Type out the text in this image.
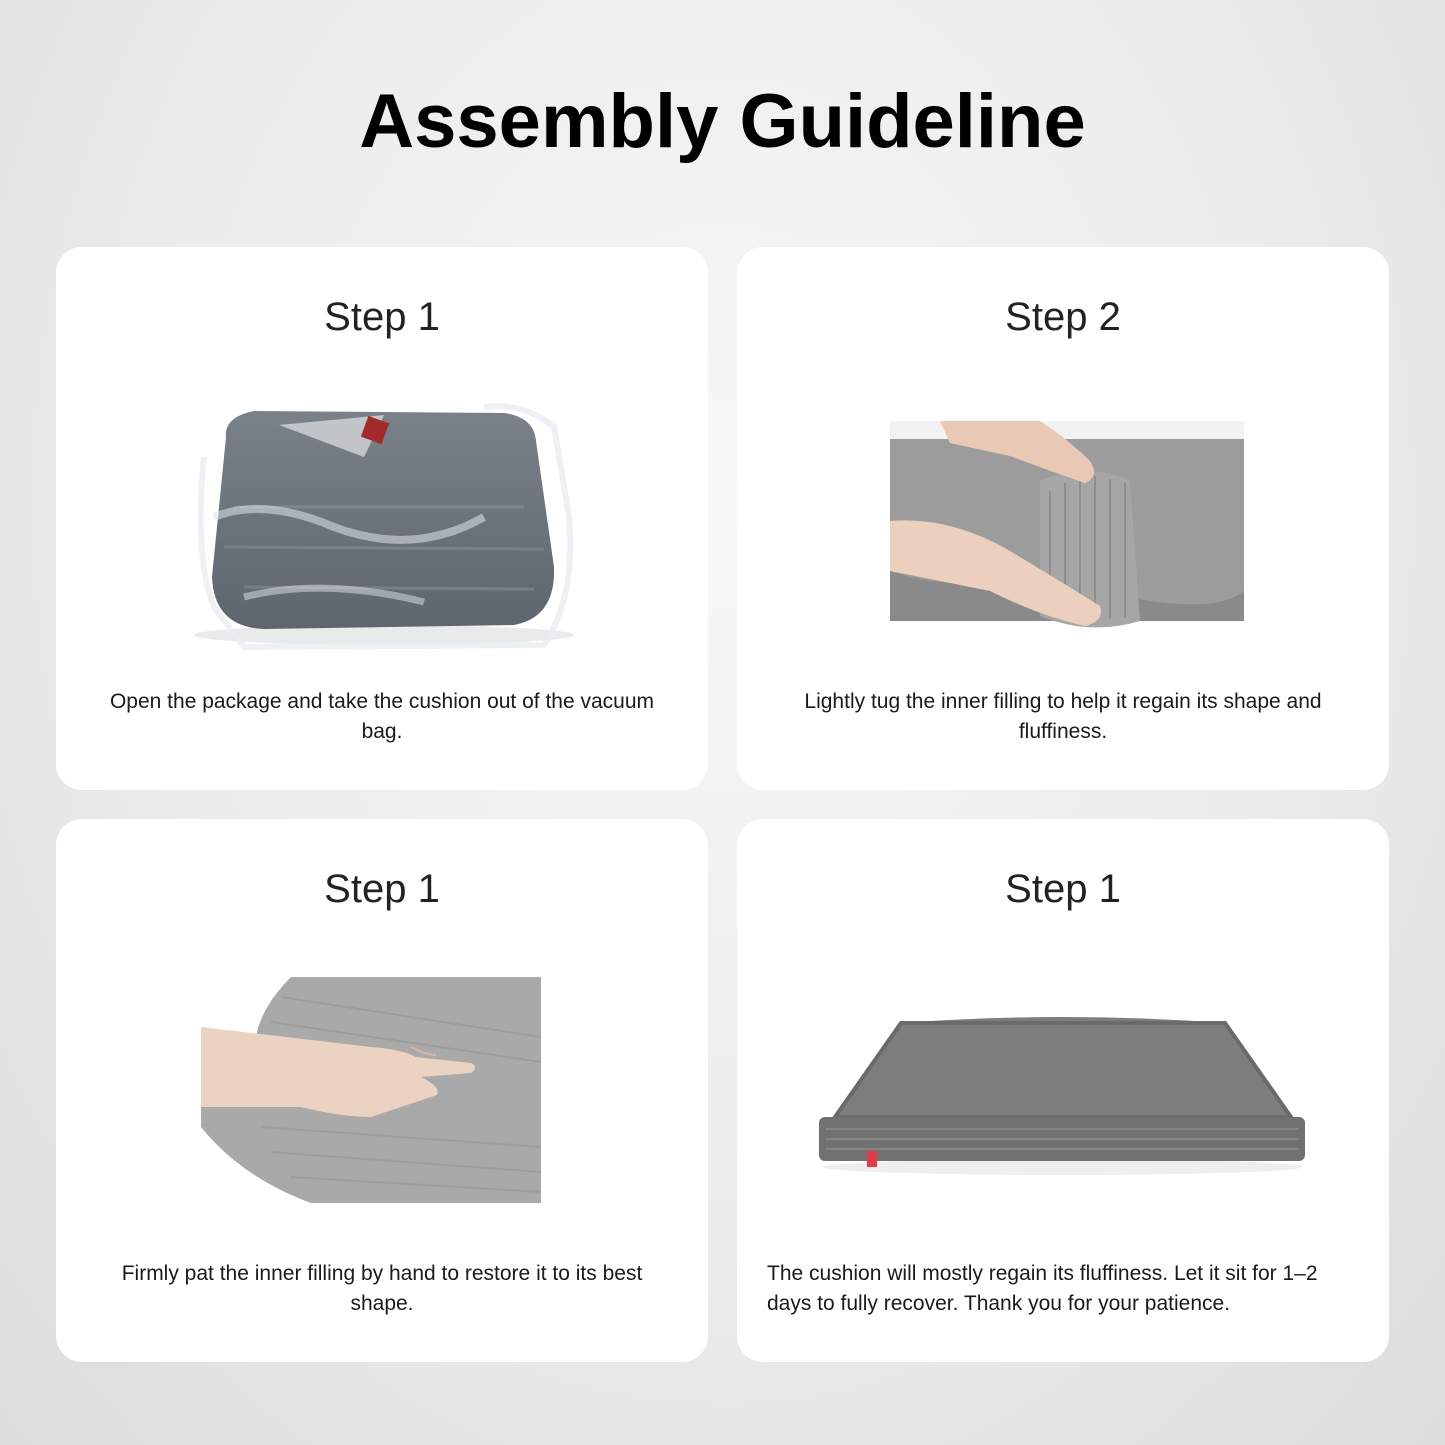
Assembly Guideline
Step 1
Open the package and take the cushion out of the vacuum bag.
Step 2
Lightly tug the inner filling to help it regain its shape and fluffiness.
Step 1
Firmly pat the inner filling by hand to restore it to its best shape.
Step 1
The cushion will mostly regain its fluffiness. Let it sit for 1–2 days to fully recover. Thank you for your patience.
